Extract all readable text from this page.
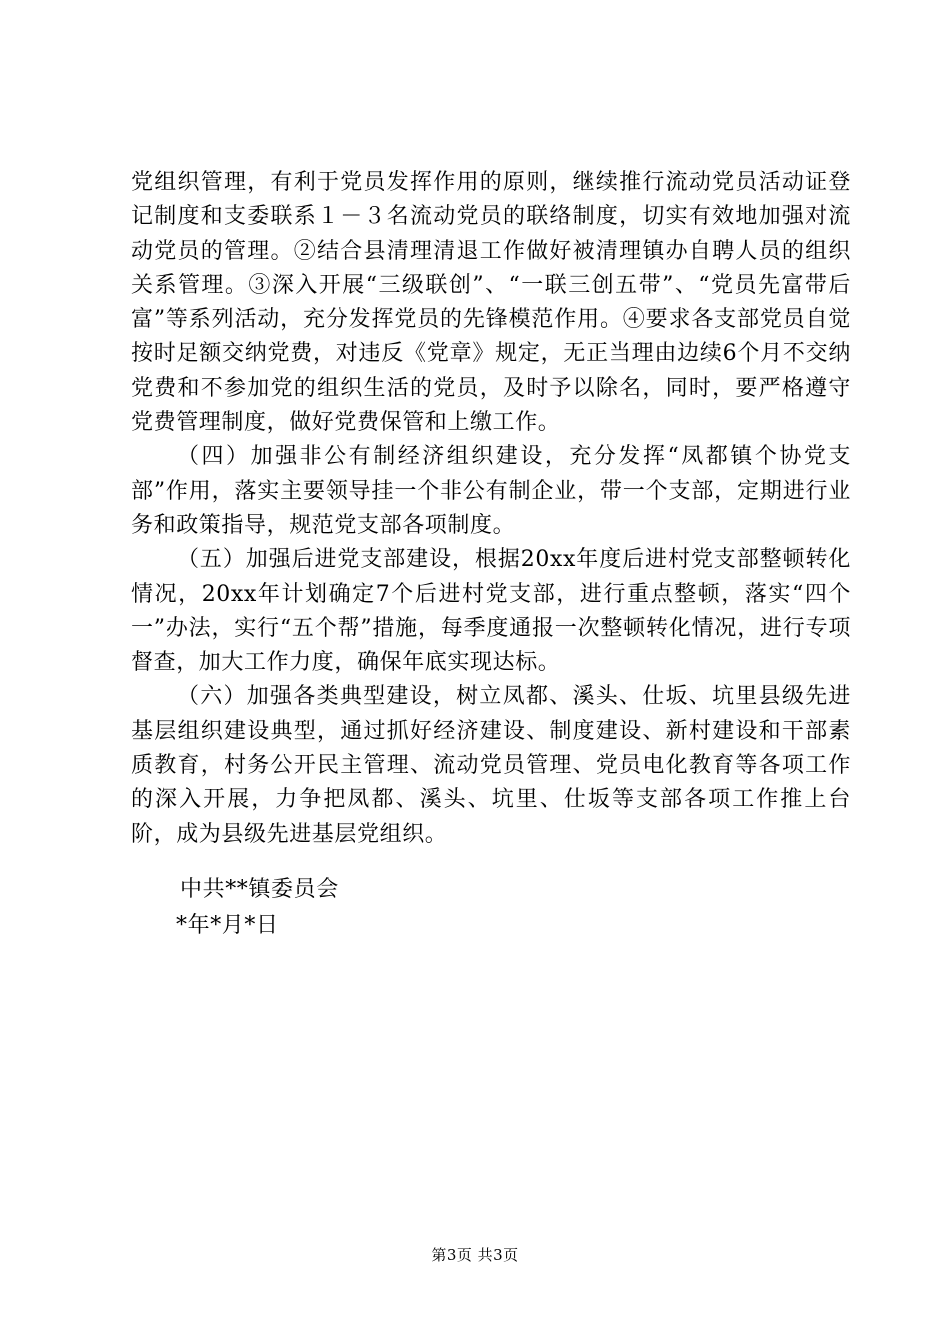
党组织管理，有利于党员发挥作用的原则，继续推行流动党员活动证登记制度和支委联系１－３名流动党员的联络制度，切实有效地加强对流动党员的管理。②结合县清理清退工作做好被清理镇办自聘人员的组织关系管理。③深入开展“三级联创”、“一联三创五带”、“党员先富带后富”等系列活动，充分发挥党员的先锋模范作用。④要求各支部党员自觉按时足额交纳党费，对违反《党章》规定，无正当理由边续6个月不交纳党费和不参加党的组织生活的党员，及时予以除名，同时，要严格遵守党费管理制度，做好党费保管和上缴工作。

（四）加强非公有制经济组织建设，充分发挥“凤都镇个协党支部”作用，落实主要领导挂一个非公有制企业，带一个支部，定期进行业务和政策指导，规范党支部各项制度。

（五）加强后进党支部建设，根据20xx年度后进村党支部整顿转化情况，20xx年计划确定7个后进村党支部，进行重点整顿，落实“四个一”办法，实行“五个帮”措施，每季度通报一次整顿转化情况，进行专项督查，加大工作力度，确保年底实现达标。

（六）加强各类典型建设，树立凤都、溪头、仕坂、坑里县级先进基层组织建设典型，通过抓好经济建设、制度建设、新村建设和干部素质教育，村务公开民主管理、流动党员管理、党员电化教育等各项工作的深入开展，力争把凤都、溪头、坑里、仕坂等支部各项工作推上台阶，成为县级先进基层党组织。

中共**镇委员会
*年*月*日
第3页 共3页
